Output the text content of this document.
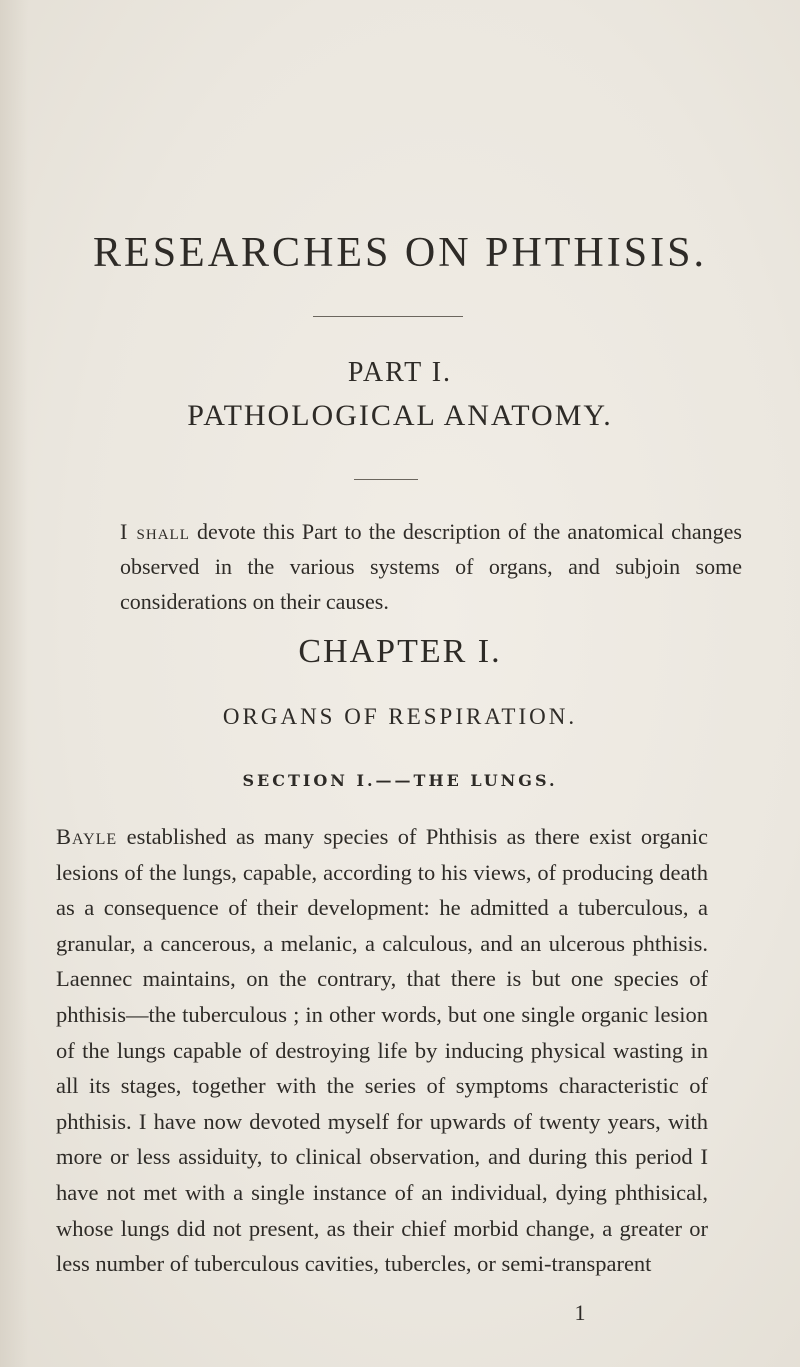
RESEARCHES ON PHTHISIS.
PART I.
PATHOLOGICAL ANATOMY.

I shall devote this Part to the description of the anatomical changes observed in the various systems of organs, and subjoin some considerations on their causes.

CHAPTER I.
ORGANS OF RESPIRATION.
SECTION I.——THE LUNGS.

Bayle established as many species of Phthisis as there exist organic lesions of the lungs, capable, according to his views, of producing death as a consequence of their development: he admitted a tuberculous, a granular, a cancerous, a melanic, a calculous, and an ulcerous phthisis. Laennec maintains, on the contrary, that there is but one species of phthisis—the tuberculous ; in other words, but one single organic lesion of the lungs capable of destroying life by inducing physical wasting in all its stages, together with the series of symptoms characteristic of phthisis. I have now devoted myself for upwards of twenty years, with more or less assiduity, to clinical observation, and during this period I have not met with a single instance of an individual, dying phthisical, whose lungs did not present, as their chief morbid change, a greater or less number of tuberculous cavities, tubercles, or semi-transparent

1
